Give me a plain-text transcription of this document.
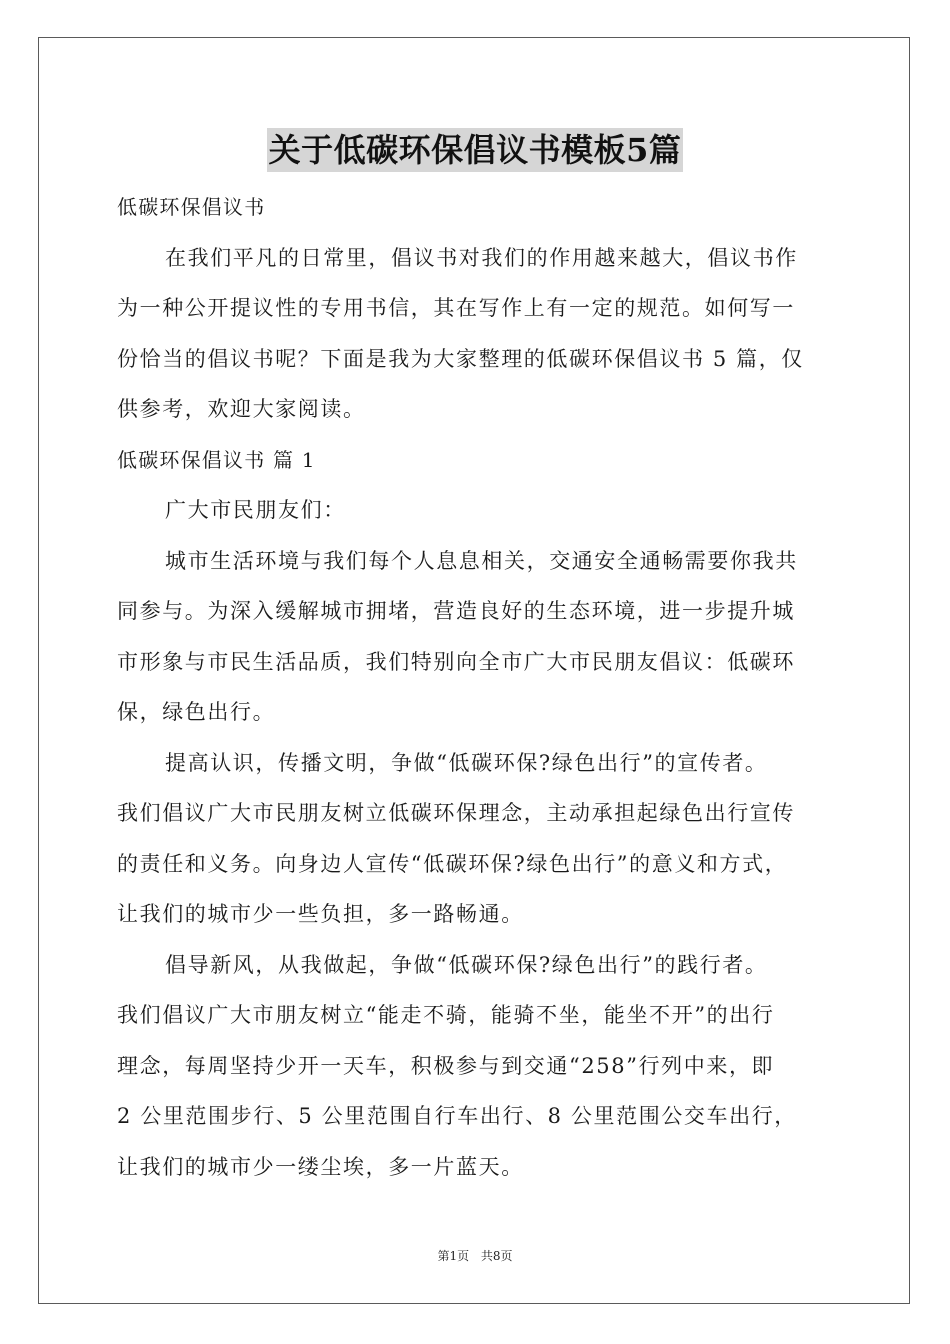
关于低碳环保倡议书模板5篇
低碳环保倡议书
在我们平凡的日常里，倡议书对我们的作用越来越大，倡议书作
为一种公开提议性的专用书信，其在写作上有一定的规范。如何写一
份恰当的倡议书呢？下面是我为大家整理的低碳环保倡议书 5 篇，仅
供参考，欢迎大家阅读。
低碳环保倡议书 篇 1
广大市民朋友们：
城市生活环境与我们每个人息息相关，交通安全通畅需要你我共
同参与。为深入缓解城市拥堵，营造良好的生态环境，进一步提升城
市形象与市民生活品质，我们特别向全市广大市民朋友倡议：低碳环
保，绿色出行。
提高认识，传播文明，争做“低碳环保?绿色出行”的宣传者。
我们倡议广大市民朋友树立低碳环保理念，主动承担起绿色出行宣传
的责任和义务。向身边人宣传“低碳环保?绿色出行”的意义和方式，
让我们的城市少一些负担，多一路畅通。
倡导新风，从我做起，争做“低碳环保?绿色出行”的践行者。
我们倡议广大市朋友树立“能走不骑，能骑不坐，能坐不开”的出行
理念，每周坚持少开一天车，积极参与到交通“258”行列中来，即
2 公里范围步行、5 公里范围自行车出行、8 公里范围公交车出行，
让我们的城市少一缕尘埃，多一片蓝天。
第1页 共8页
